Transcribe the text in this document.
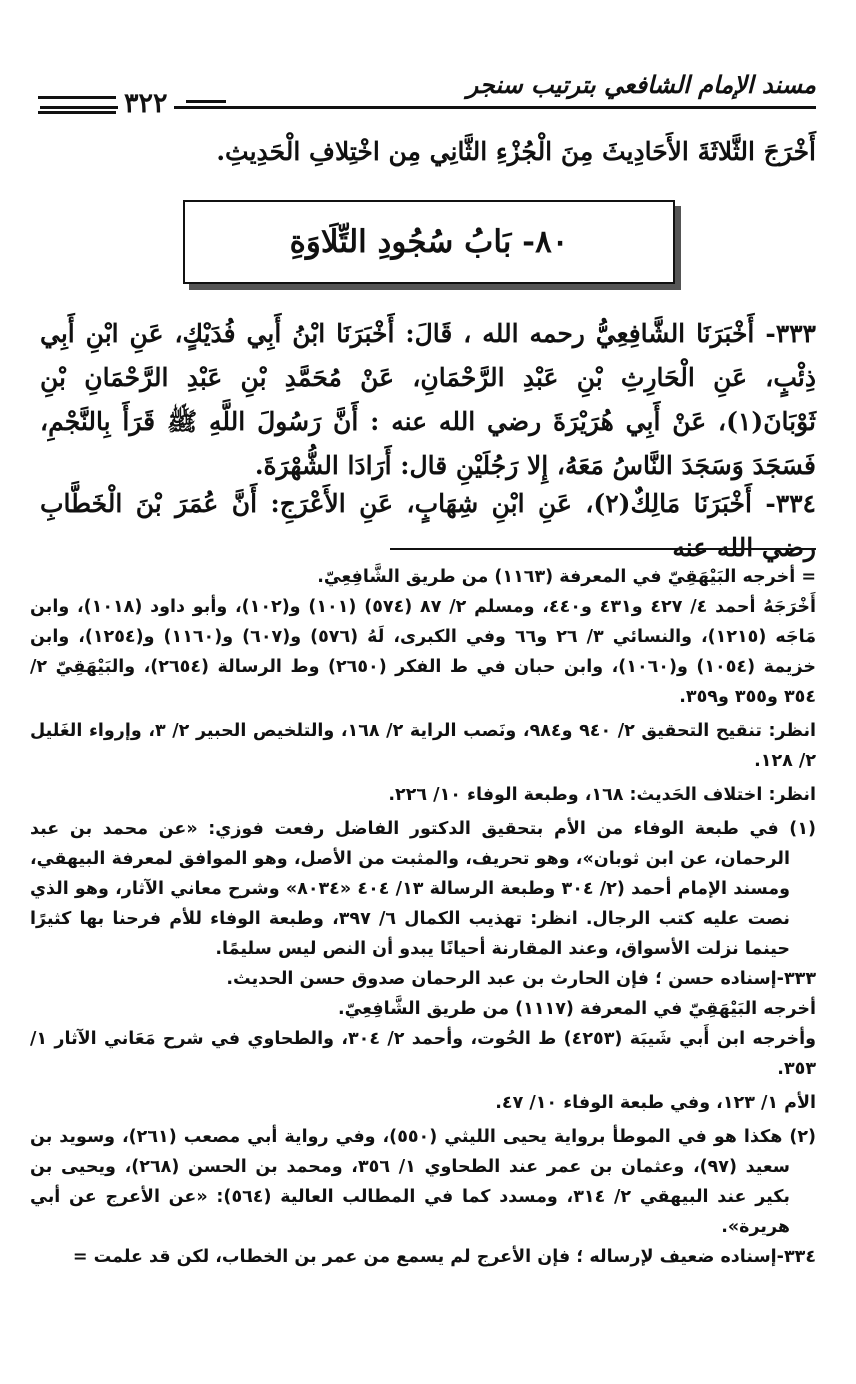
مسند الإمام الشافعي بترتيب سنجر
٣٢٢

أَخْرَجَ الثَّلاثَةَ الأَحَادِيثَ مِنَ الْجُزْءِ الثَّانِي مِن اخْتِلافِ الْحَدِيثِ.

٨٠- بَابُ سُجُودِ التِّلَاوَةِ

٣٣٣- أَخْبَرَنَا الشَّافِعِيُّ رحمه الله ، قَالَ: أَخْبَرَنَا ابْنُ أَبِي فُدَيْكٍ، عَنِ ابْنِ أَبِي ذِئْبٍ، عَنِ الْحَارِثِ بْنِ عَبْدِ الرَّحْمَانِ، عَنْ مُحَمَّدِ بْنِ عَبْدِ الرَّحْمَانِ بْنِ ثَوْبَانَ(١)، عَنْ أَبِي هُرَيْرَةَ رضي الله عنه : أَنَّ رَسُولَ اللَّهِ ﷺ قَرَأَ بِالنَّجْمِ، فَسَجَدَ وَسَجَدَ النَّاسُ مَعَهُ، إِلا رَجُلَيْنِ قال: أَرَادَا الشُّهْرَةَ.

٣٣٤- أَخْبَرَنَا مَالِكٌ(٢)، عَنِ ابْنِ شِهَابٍ، عَنِ الأَعْرَجِ: أَنَّ عُمَرَ بْنَ الْخَطَّابِ رضي الله عنه

= أخرجه البَيْهَقِيّ في المعرفة (١١٦٣) من طريق الشَّافِعِيّ.

أَخْرَجَهُ أحمد ٤/ ٤٢٧ و٤٣١ و٤٤٠، ومسلم ٢/ ٨٧ (٥٧٤) (١٠١) و(١٠٢)، وأبو داود (١٠١٨)، وابن مَاجَه (١٢١٥)، والنسائي ٣/ ٢٦ و٦٦ وفي الكبرى، لَهُ (٥٧٦) و(٦٠٧) و(١١٦٠) و(١٢٥٤)، وابن خزيمة (١٠٥٤) و(١٠٦٠)، وابن حبان في ط الفكر (٢٦٥٠) وط الرسالة (٢٦٥٤)، والبَيْهَقِيّ ٢/ ٣٥٤ و٣٥٥ و٣٥٩.

انظر: تنقيح التحقيق ٢/ ٩٤٠ و٩٨٤، ونَصب الراية ٢/ ١٦٨، والتلخيص الحبير ٢/ ٣، وإرواء الغَليل ٢/ ١٢٨.

انظر: اختلاف الحَديث: ١٦٨، وطبعة الوفاء ١٠/ ٢٢٦.

(١) في طبعة الوفاء من الأم بتحقيق الدكتور الفاضل رفعت فوزي: «عن محمد بن عبد الرحمان، عن ابن ثوبان»، وهو تحريف، والمثبت من الأصل، وهو الموافق لمعرفة البيهقي، ومسند الإمام أحمد (٢/ ٣٠٤ وطبعة الرسالة ١٣/ ٤٠٤ «٨٠٣٤» وشرح معاني الآثار، وهو الذي نصت عليه كتب الرجال. انظر: تهذيب الكمال ٦/ ٣٩٧، وطبعة الوفاء للأم فرحنا بها كثيرًا حينما نزلت الأسواق، وعند المقارنة أحيانًا يبدو أن النص ليس سليمًا.

٣٣٣-إسناده حسن ؛ فإن الحارث بن عبد الرحمان صدوق حسن الحديث.

أخرجه البَيْهَقِيّ في المعرفة (١١١٧) من طريق الشَّافِعِيّ.

وأخرجه ابن أَبي شَيبَة (٤٢٥٣) ط الحُوت، وأحمد ٢/ ٣٠٤، والطحاوي في شرح مَعَاني الآثار ١/ ٣٥٣.

الأم ١/ ١٢٣، وفي طبعة الوفاء ١٠/ ٤٧.

(٢) هكذا هو في الموطأ برواية يحيى الليثي (٥٥٠)، وفي رواية أبي مصعب (٢٦١)، وسويد بن سعيد (٩٧)، وعثمان بن عمر عند الطحاوي ١/ ٣٥٦، ومحمد بن الحسن (٢٦٨)، ويحيى بن بكير عند البيهقي ٢/ ٣١٤، ومسدد كما في المطالب العالية (٥٦٤): «عن الأعرج عن أبي هريرة».

٣٣٤-إسناده ضعيف لإرساله ؛ فإن الأعرج لم يسمع من عمر بن الخطاب، لكن قد علمت =
